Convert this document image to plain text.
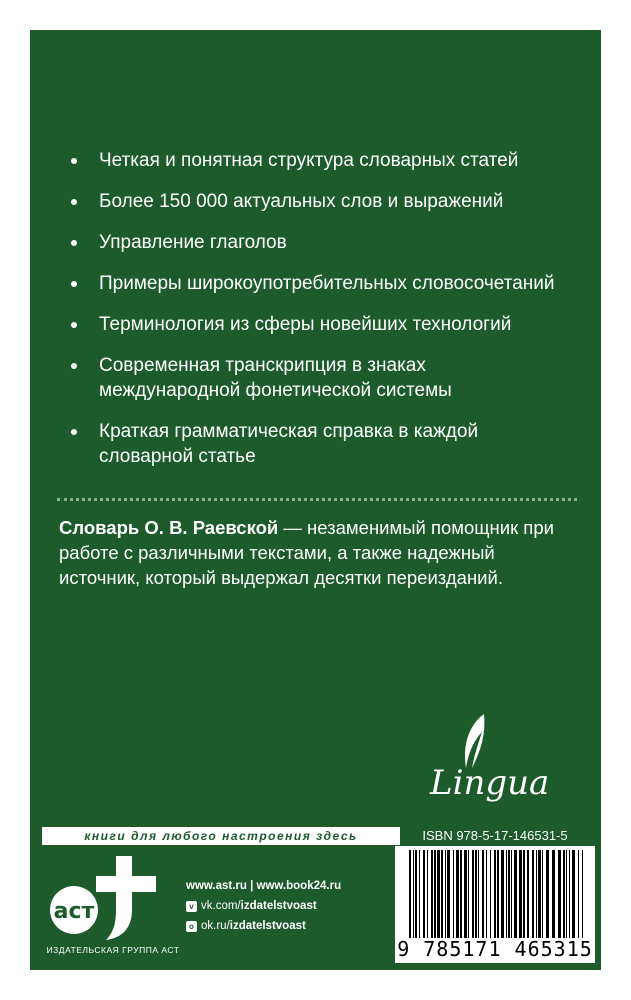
Четкая и понятная структура словарных статей
Более 150 000 актуальных слов и выражений
Управление глаголов
Примеры широкоупотребительных словосочетаний
Терминология из сферы новейших технологий
Современная транскрипция в знаках международной фонетической системы
Краткая грамматическая справка в каждой словарной статье
Словарь О. В. Раевской — незаменимый помощник при работе с различными текстами, а также надежный источник, который выдержал десятки переизданий.
Lingua
книги для любого настроения здесь	ISBN 978-5-17-146531-5
9 785171 465315
аст
ИЗДАТЕЛЬСКАЯ ГРУППА АСТ
www.ast.ru | www.book24.ru
v vk.com/ izdatelstvoast
o ok.ru/ izdatelstvoast
